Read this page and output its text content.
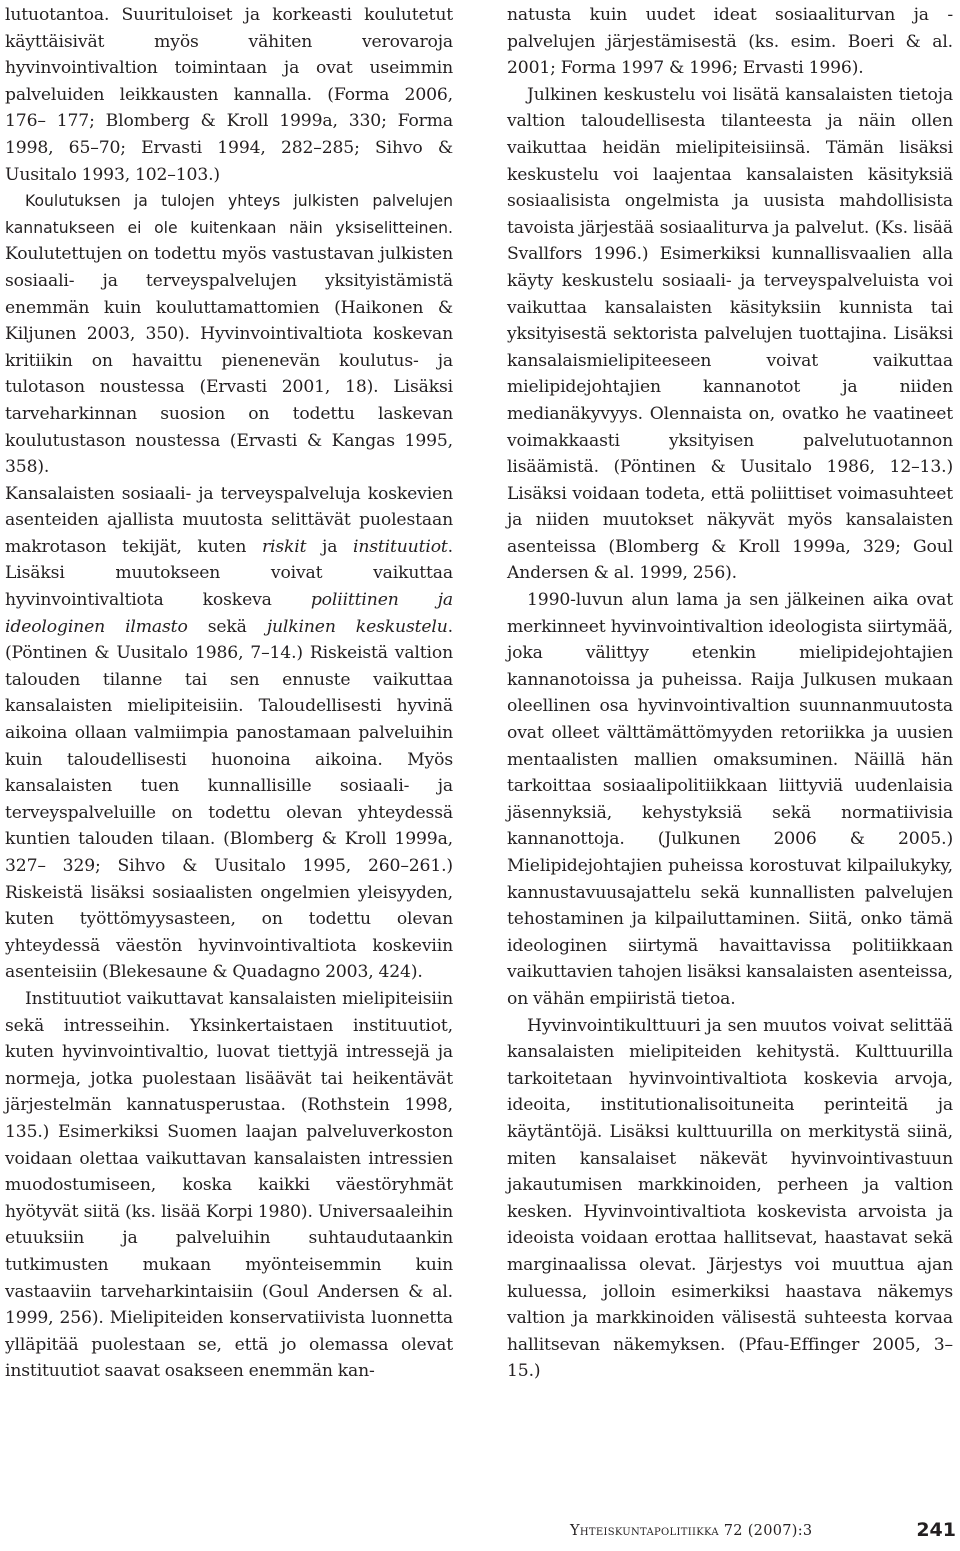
lutuotantoa. Suurituloiset ja korkeasti koulutetut käyttäisivät myös vähiten verovaroja hyvinvointivaltion toimintaan ja ovat useimmin palveluiden leikkausten kannalla. (Forma 2006, 176– 177; Blomberg & Kroll 1999a, 330; Forma 1998, 65–70; Ervasti 1994, 282–285; Sihvo & Uusitalo 1993, 102–103.)

Koulutuksen ja tulojen yhteys julkisten palvelujen kannatukseen ei ole kuitenkaan näin yksiselitteinen. Koulutettujen on todettu myös vastustavan julkisten sosiaali- ja terveyspalvelujen yksityistämistä enemmän kuin kouluttamattomien (Haikonen & Kiljunen 2003, 350). Hyvinvointivaltiota koskevan kritiikin on havaittu pienenevän koulutus- ja tulotason noustessa (Ervasti 2001, 18). Lisäksi tarveharkinnan suosion on todettu laskevan koulutustason noustessa (Ervasti & Kangas 1995, 358).

Kansalaisten sosiaali- ja terveyspalveluja koskevien asenteiden ajallista muutosta selittävät puolestaan makrotason tekijät, kuten riskit ja instituutiot. Lisäksi muutokseen voivat vaikuttaa hyvinvointivaltiota koskeva poliittinen ja ideologinen ilmasto sekä julkinen keskustelu. (Pöntinen & Uusitalo 1986, 7–14.) Riskeistä valtion talouden tilanne tai sen ennuste vaikuttaa kansalaisten mielipiteisiin. Taloudellisesti hyvinä aikoina ollaan valmiimpia panostamaan palveluihin kuin taloudellisesti huonoina aikoina. Myös kansalaisten tuen kunnallisille sosiaali- ja terveyspalveluille on todettu olevan yhteydessä kuntien talouden tilaan. (Blomberg & Kroll 1999a, 327– 329; Sihvo & Uusitalo 1995, 260–261.) Riskeistä lisäksi sosiaalisten ongelmien yleisyyden, kuten työttömyysasteen, on todettu olevan yhteydessä väestön hyvinvointivaltiota koskeviin asenteisiin (Blekesaune & Quadagno 2003, 424).

Instituutiot vaikuttavat kansalaisten mielipiteisiin sekä intresseihin. Yksinkertaistaen instituutiot, kuten hyvinvointivaltio, luovat tiettyjä intressejä ja normeja, jotka puolestaan lisäävät tai heikentävät järjestelmän kannatusperustaa. (Rothstein 1998, 135.) Esimerkiksi Suomen laajan palveluverkoston voidaan olettaa vaikuttavan kansalaisten intressien muodostumiseen, koska kaikki väestöryhmät hyötyvät siitä (ks. lisää Korpi 1980). Universaaleihin etuuksiin ja palveluihin suhtaudutaankin tutkimusten mukaan myönteisemmin kuin vastaaviin tarveharkintaisiin (Goul Andersen & al. 1999, 256). Mielipiteiden konservatiivista luonnetta ylläpitää puolestaan se, että jo olemassa olevat instituutiot saavat osakseen enemmän kan-

natusta kuin uudet ideat sosiaaliturvan ja -palvelujen järjestämisestä (ks. esim. Boeri & al. 2001; Forma 1997 & 1996; Ervasti 1996).

Julkinen keskustelu voi lisätä kansalaisten tietoja valtion taloudellisesta tilanteesta ja näin ollen vaikuttaa heidän mielipiteisiinsä. Tämän lisäksi keskustelu voi laajentaa kansalaisten käsityksiä sosiaalisista ongelmista ja uusista mahdollisista tavoista järjestää sosiaaliturva ja palvelut. (Ks. lisää Svallfors 1996.) Esimerkiksi kunnallisvaalien alla käyty keskustelu sosiaali- ja terveyspalveluista voi vaikuttaa kansalaisten käsityksiin kunnista tai yksityisestä sektorista palvelujen tuottajina. Lisäksi kansalaismielipiteeseen voivat vaikuttaa mielipidejohtajien kannanotot ja niiden medianäkyvyys. Olennaista on, ovatko he vaatineet voimakkaasti yksityisen palvelutuotannon lisäämistä. (Pöntinen & Uusitalo 1986, 12–13.) Lisäksi voidaan todeta, että poliittiset voimasuhteet ja niiden muutokset näkyvät myös kansalaisten asenteissa (Blomberg & Kroll 1999a, 329; Goul Andersen & al. 1999, 256).

1990-luvun alun lama ja sen jälkeinen aika ovat merkinneet hyvinvointivaltion ideologista siirtymää, joka välittyy etenkin mielipidejohtajien kannanotoissa ja puheissa. Raija Julkusen mukaan oleellinen osa hyvinvointivaltion suunnanmuutosta ovat olleet välttämättömyyden retoriikka ja uusien mentaalisten mallien omaksuminen. Näillä hän tarkoittaa sosiaalipolitiikkaan liittyviä uudenlaisia jäsennyksiä, kehystyksiä sekä normatiivisia kannanottoja. (Julkunen 2006 & 2005.) Mielipidejohtajien puheissa korostuvat kilpailukyky, kannustavuusajattelu sekä kunnallisten palvelujen tehostaminen ja kilpailuttaminen. Siitä, onko tämä ideologinen siirtymä havaittavissa politiikkaan vaikuttavien tahojen lisäksi kansalaisten asenteissa, on vähän empiiristä tietoa.

Hyvinvointikulttuuri ja sen muutos voivat selittää kansalaisten mielipiteiden kehitystä. Kulttuurilla tarkoitetaan hyvinvointivaltiota koskevia arvoja, ideoita, institutionalisoituneita perinteitä ja käytäntöjä. Lisäksi kulttuurilla on merkitystä siinä, miten kansalaiset näkevät hyvinvointivastuun jakautumisen markkinoiden, perheen ja valtion kesken. Hyvinvointivaltiota koskevista arvoista ja ideoista voidaan erottaa hallitsevat, haastavat sekä marginaalissa olevat. Järjestys voi muuttua ajan kuluessa, jolloin esimerkiksi haastava näkemys valtion ja markkinoiden välisestä suhteesta korvaa hallitsevan näkemyksen. (Pfau-Effinger 2005, 3–15.)

Yhteiskuntapolitiikka 72 (2007):3	241
